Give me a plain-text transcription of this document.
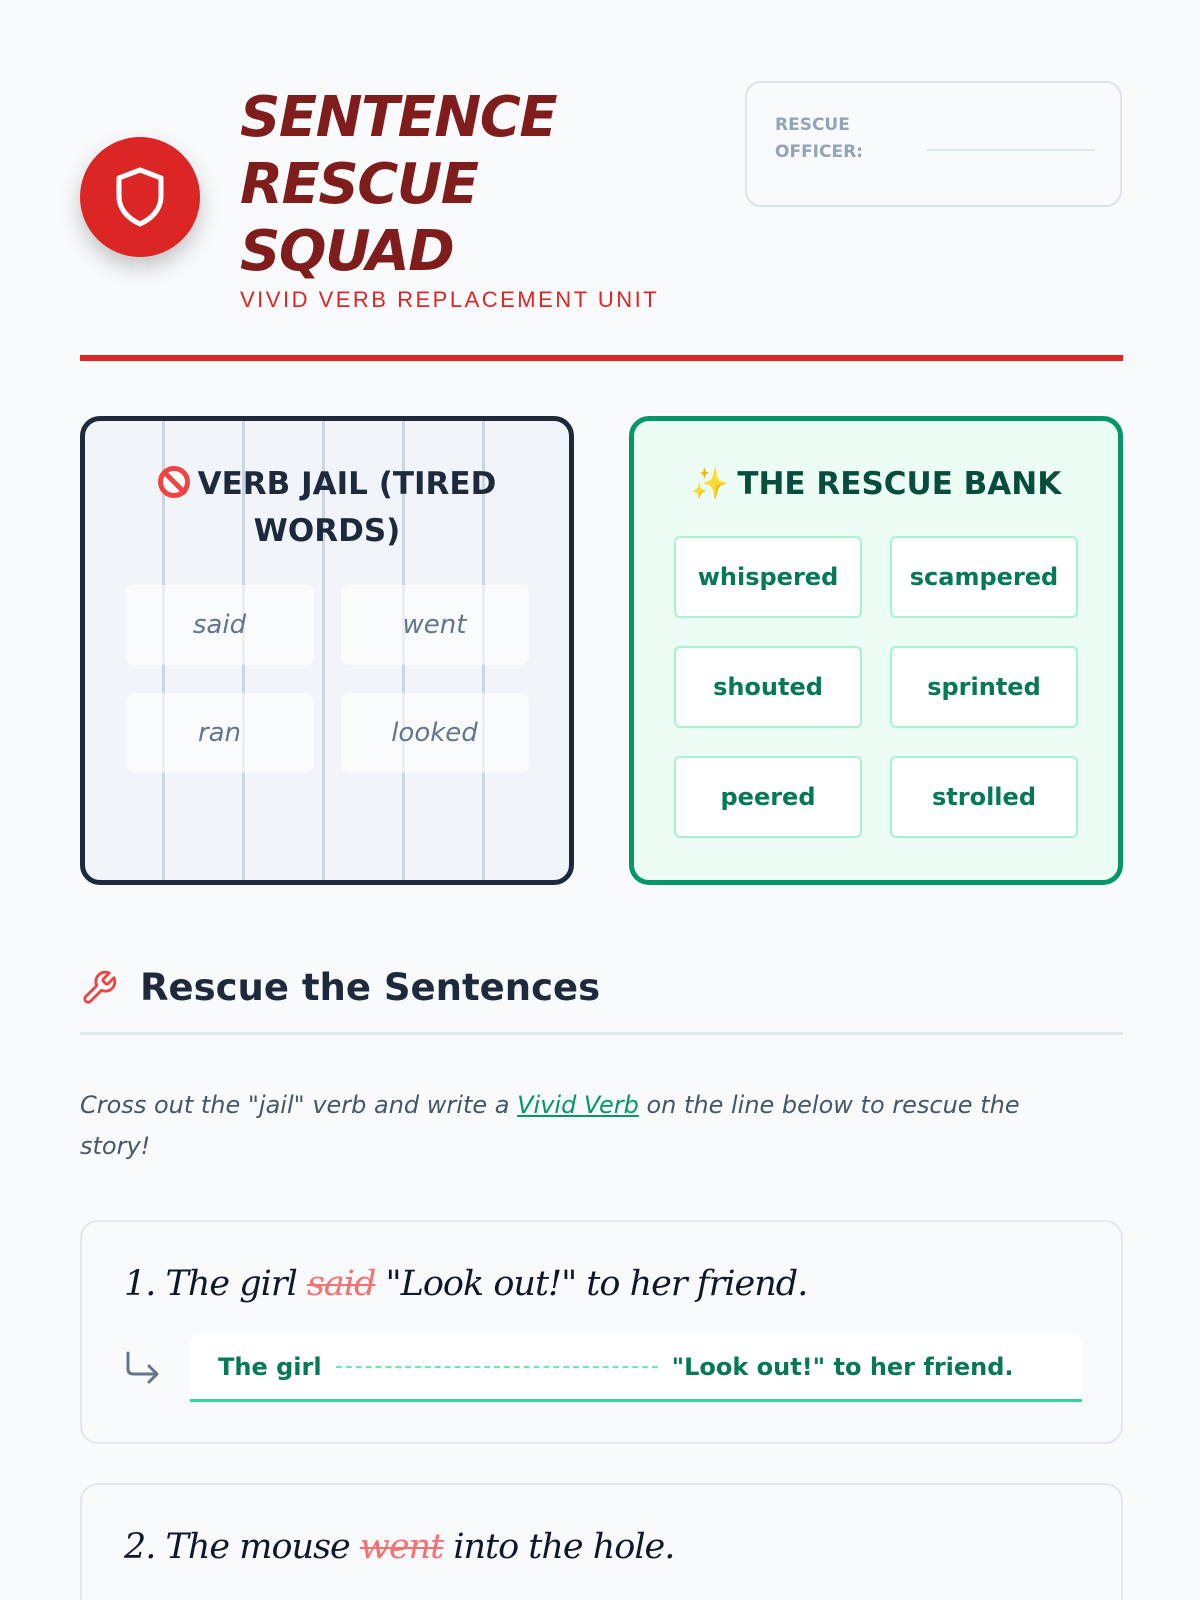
SENTENCE RESCUE SQUAD
VIVID VERB REPLACEMENT UNIT
RESCUE OFFICER:
VERB JAIL (TIRED WORDS)
said	went
ran	looked
✨ THE RESCUE BANK
whispered	scampered
shouted	sprinted
peered	strolled
Rescue the Sentences
Cross out the "jail" verb and write a Vivid Verb on the line below to rescue the story!
1. The girl said "Look out!" to her friend.
The girl	"Look out!" to her friend.
2. The mouse went into the hole.
